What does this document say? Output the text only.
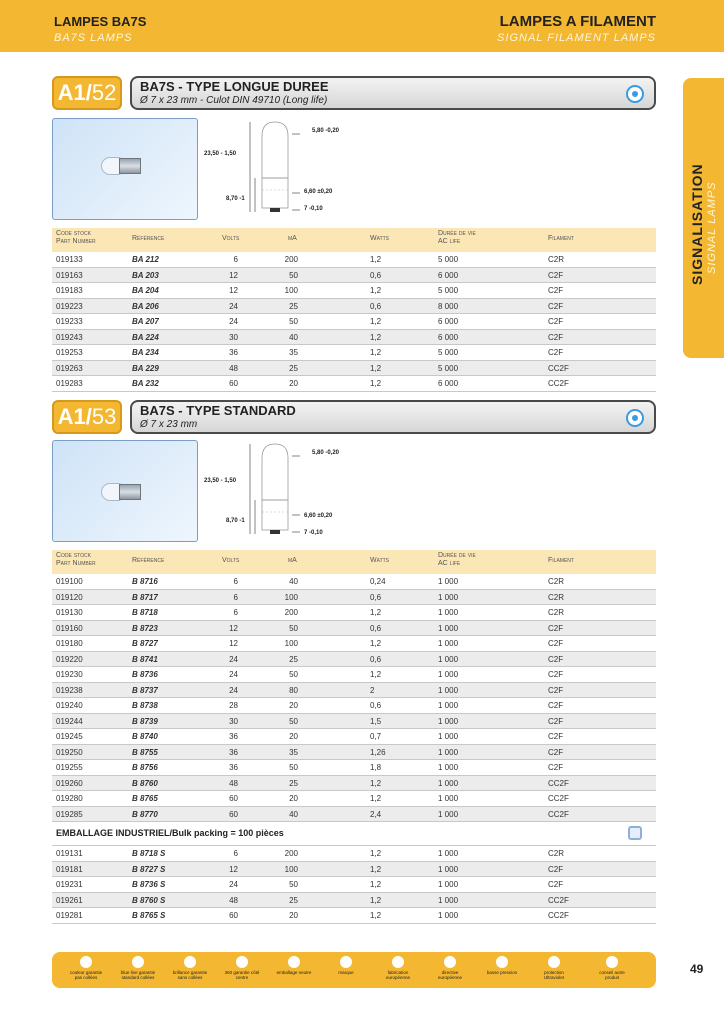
LAMPES BA7S
BA7S LAMPS
LAMPES A FILAMENT
SIGNAL FILAMENT LAMPS
SIGNALISATION SIGNAL LAMPS
A1/ 52 BA7S - TYPE LONGUE DUREE
Ø 7 x 23 mm - Culot DIN 49710 (Long life)
5,80 -0,20
23,50 - 1,50
8,70 -1
6,60 ±0,20
7 -0,10
Code stock
Part Number	Référence	Volts	mA	Watts
Durée de vie
AC life	Filament
019133	BA 212	6	200	1,2	5 000	C2R
019163	BA 203	12	50	0,6	6 000	C2F
019183	BA 204	12	100	1,2	5 000	C2F
019223	BA 206	24	25	0,6	8 000	C2F
019233	BA 207	24	50	1,2	6 000	C2F
019243	BA 224	30	40	1,2	6 000	C2F
019253	BA 234	36	35	1,2	5 000	C2F
019263	BA 229	48	25	1,2	5 000	CC2F
019283	BA 232	60	20	1,2	6 000	CC2F
A1/ 53 BA7S - TYPE STANDARD
Ø 7 x 23 mm
5,80 -0,20
23,50 - 1,50
8,70 -1
6,60 ±0,20
7 -0,10
Code stock
Part Number	Référence	Volts	mA	Watts
Durée de vie
AC life	Filament
019100	B 8716	6	40	0,24	1 000	C2R
019120	B 8717	6	100	0,6	1 000	C2R
019130	B 8718	6	200	1,2	1 000	C2R
019160	B 8723	12	50	0,6	1 000	C2F
019180	B 8727	12	100	1,2	1 000	C2F
019220	B 8741	24	25	0,6	1 000	C2F
019230	B 8736	24	50	1,2	1 000	C2F
019238	B 8737	24	80	2	1 000	C2F
019240	B 8738	28	20	0,6	1 000	C2F
019244	B 8739	30	50	1,5	1 000	C2F
019245	B 8740	36	20	0,7	1 000	C2F
019250	B 8755	36	35	1,26	1 000	C2F
019255	B 8756	36	50	1,8	1 000	C2F
019260	B 8760	48	25	1,2	1 000	CC2F
019280	B 8765	60	20	1,2	1 000	CC2F
019285	B 8770	60	40	2,4	1 000	CC2F
EMBALLAGE INDUSTRIEL/Bulk packing = 100 pièces
019131	B 8718 S	6	200	1,2	1 000	C2R
019181	B 8727 S	12	100	1,2	1 000	C2F
019231	B 8736 S	24	50	1,2	1 000	C2F
019261	B 8760 S	48	25	1,2	1 000	CC2F
019281	B 8765 S	60	20	1,2	1 000	CC2F
couleur garantie pas collées
blue line garantie standard collées
brillance garantie sans collées
360 garantie côté centre
emballage neutre	marque	fabrication européenne
directive européenne
basse pression	protection Ultraviolet
conseil autre produit
49
